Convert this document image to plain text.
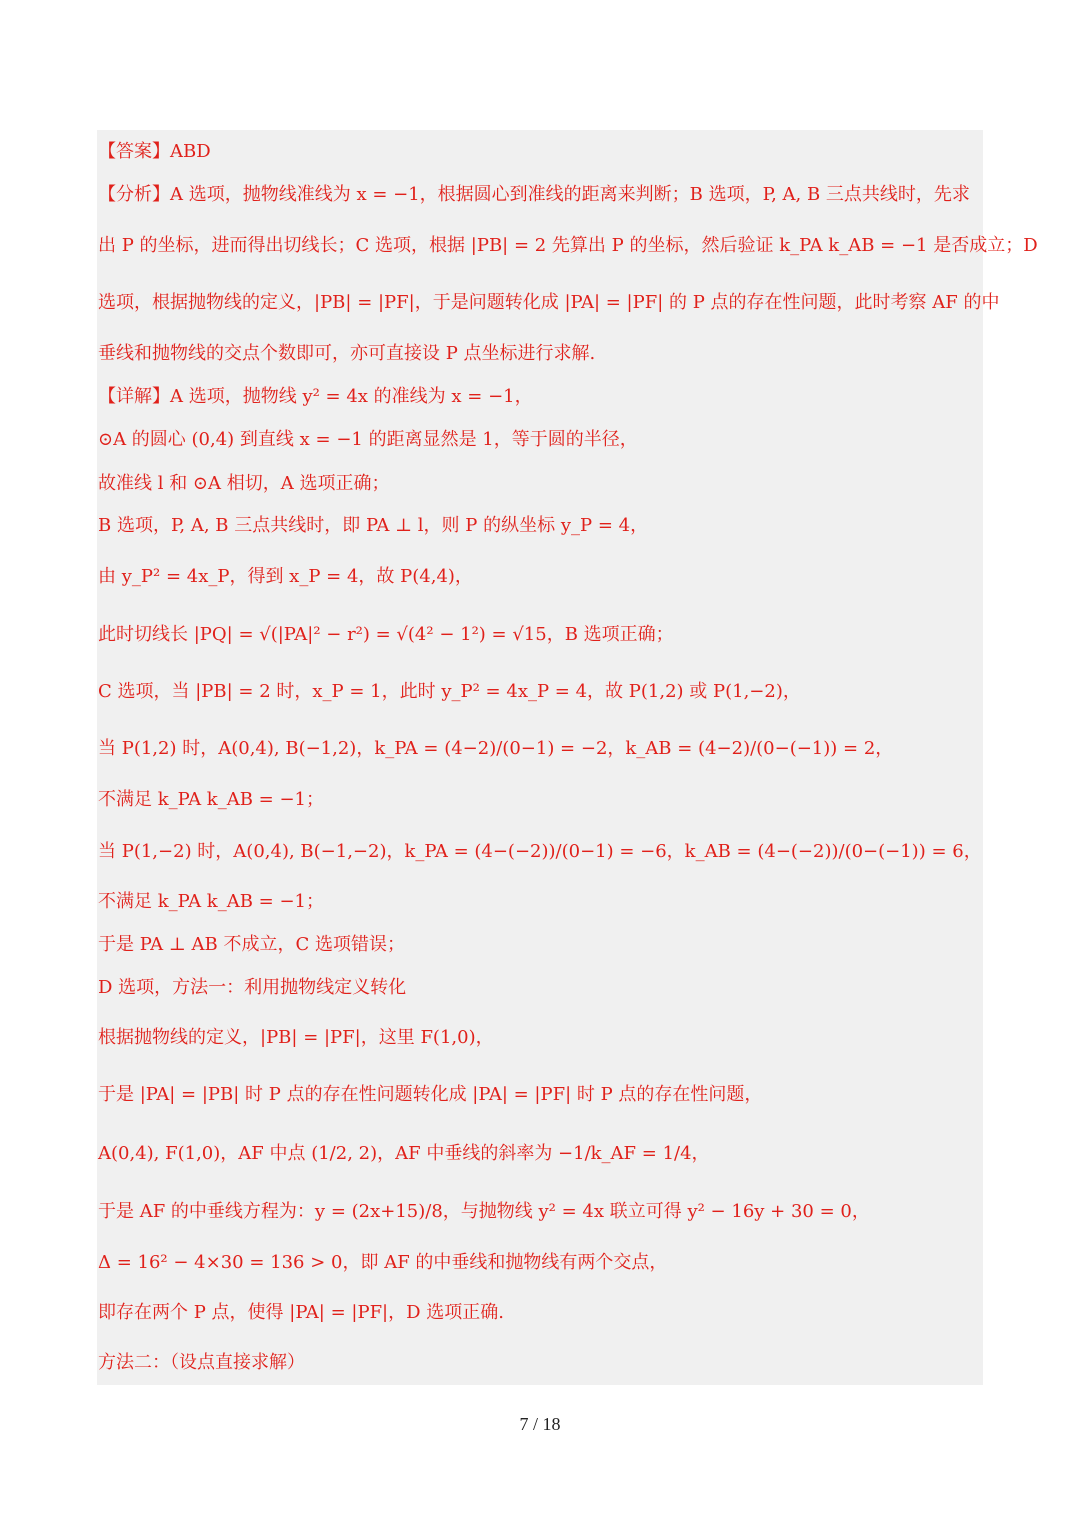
【答案】ABD
【分析】A 选项，抛物线准线为 x = −1，根据圆心到准线的距离来判断；B 选项，P, A, B 三点共线时，先求
出 P 的坐标，进而得出切线长；C 选项，根据 |PB| = 2 先算出 P 的坐标，然后验证 k_PA k_AB = −1 是否成立；D
选项，根据抛物线的定义，|PB| = |PF|，于是问题转化成 |PA| = |PF| 的 P 点的存在性问题，此时考察 AF 的中
垂线和抛物线的交点个数即可，亦可直接设 P 点坐标进行求解.
【详解】A 选项，抛物线 y² = 4x 的准线为 x = −1，
⊙A 的圆心 (0,4) 到直线 x = −1 的距离显然是 1，等于圆的半径，
故准线 l 和 ⊙A 相切，A 选项正确；
B 选项，P, A, B 三点共线时，即 PA ⊥ l，则 P 的纵坐标 y_P = 4，
由 y_P² = 4x_P，得到 x_P = 4，故 P(4,4)，
此时切线长 |PQ| = √(|PA|² − r²) = √(4² − 1²) = √15，B 选项正确；
C 选项，当 |PB| = 2 时，x_P = 1，此时 y_P² = 4x_P = 4，故 P(1,2) 或 P(1,−2)，
当 P(1,2) 时，A(0,4), B(−1,2)，k_PA = (4−2)/(0−1) = −2，k_AB = (4−2)/(0−(−1)) = 2，
不满足 k_PA k_AB = −1；
当 P(1,−2) 时，A(0,4), B(−1,−2)，k_PA = (4−(−2))/(0−1) = −6，k_AB = (4−(−2))/(0−(−1)) = 6，
不满足 k_PA k_AB = −1；
于是 PA ⊥ AB 不成立，C 选项错误；
D 选项，方法一：利用抛物线定义转化
根据抛物线的定义，|PB| = |PF|，这里 F(1,0)，
于是 |PA| = |PB| 时 P 点的存在性问题转化成 |PA| = |PF| 时 P 点的存在性问题，
A(0,4), F(1,0)，AF 中点 (1/2, 2)，AF 中垂线的斜率为 −1/k_AF = 1/4，
于是 AF 的中垂线方程为：y = (2x+15)/8，与抛物线 y² = 4x 联立可得 y² − 16y + 30 = 0，
Δ = 16² − 4×30 = 136 > 0，即 AF 的中垂线和抛物线有两个交点，
即存在两个 P 点，使得 |PA| = |PF|，D 选项正确.
方法二：（设点直接求解）
7 / 18
